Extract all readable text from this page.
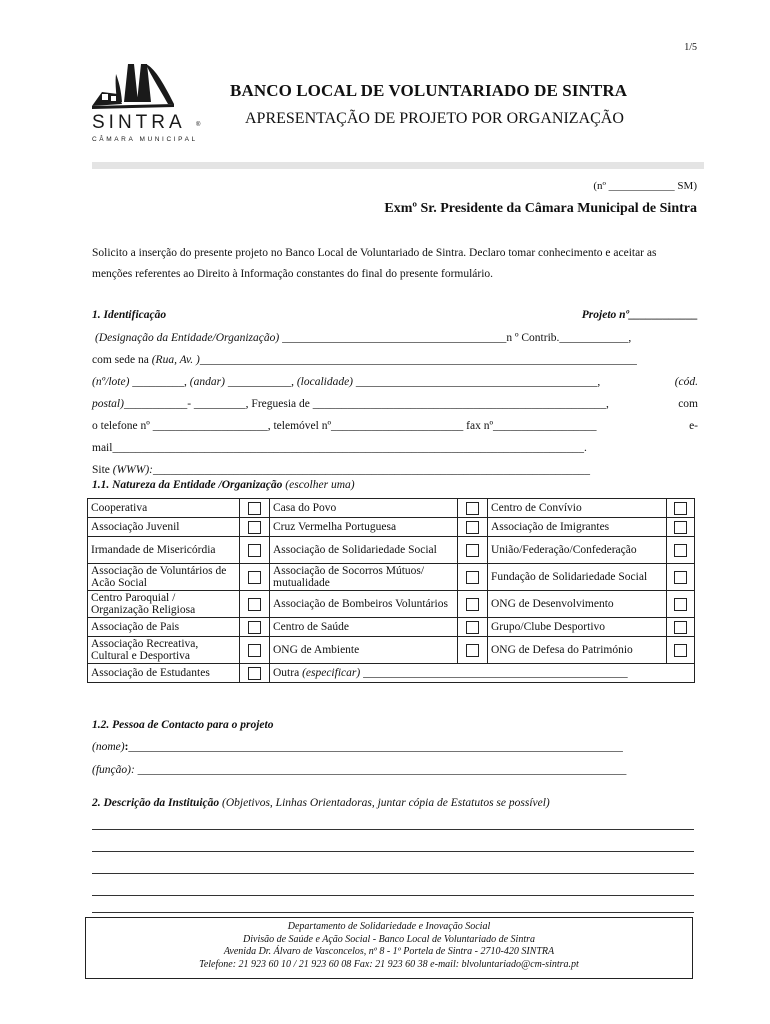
1/5
SINTRA ®
CÂMARA MUNICIPAL
BANCO LOCAL DE VOLUNTARIADO DE SINTRA
APRESENTAÇÃO DE PROJETO POR ORGANIZAÇÃO
(nº ____________ SM)
Exmº Sr. Presidente da Câmara Municipal de Sintra
Solicito a inserção do presente projeto no Banco Local de Voluntariado de Sintra. Declaro tomar conhecimento e aceitar as menções referentes ao Direito à Informação constantes do final do presente formulário.
1. Identificação	Projeto nº____________
(Designação da Entidade/Organização) _______________________________________n º Contrib.____________,
com sede na (Rua, Av. )____________________________________________________________________________
(nº/lote) _________, (andar) ___________, (localidade) __________________________________________,	(cód.
postal)___________- _________, Freguesia de ___________________________________________________,	com
o telefone nº ____________________, telemóvel nº_______________________ fax nº__________________	e-
mail__________________________________________________________________________________.
Site (WWW):____________________________________________________________________________
1.1. Natureza da Entidade /Organização (escolher uma)
Cooperativa		Casa do Povo		Centro de Convívio	
Associação Juvenil		Cruz Vermelha Portuguesa		Associação de Imigrantes	
Irmandade de Misericórdia		Associação de Solidariedade Social		União/Federação/Confederação	
Associação de Voluntários de Acão Social		Associação de Socorros Mútuos/ mutualidade		Fundação de Solidariedade Social	
Centro Paroquial / Organização Religiosa		Associação de Bombeiros Voluntários		ONG de Desenvolvimento	
Associação de Pais		Centro de Saúde		Grupo/Clube Desportivo	
Associação Recreativa, Cultural e Desportiva		ONG de Ambiente		ONG de Defesa do Património	
Associação de Estudantes		Outra (especificar) ______________________________________________			
1.2. Pessoa de Contacto para o projeto
(nome):______________________________________________________________________________________
(função): _____________________________________________________________________________________
2. Descrição da Instituição (Objetivos, Linhas Orientadoras, juntar cópia de Estatutos se possível)
Departamento de Solidariedade e Inovação Social
Divisão de Saúde e Ação Social - Banco Local de Voluntariado de Sintra
Avenida Dr. Álvaro de Vasconcelos, nº 8 - 1º Portela de Sintra - 2710-420 SINTRA
Telefone: 21 923 60 10 / 21 923 60 08 Fax: 21 923 60 38 e-mail: blvoluntariado@cm-sintra.pt
